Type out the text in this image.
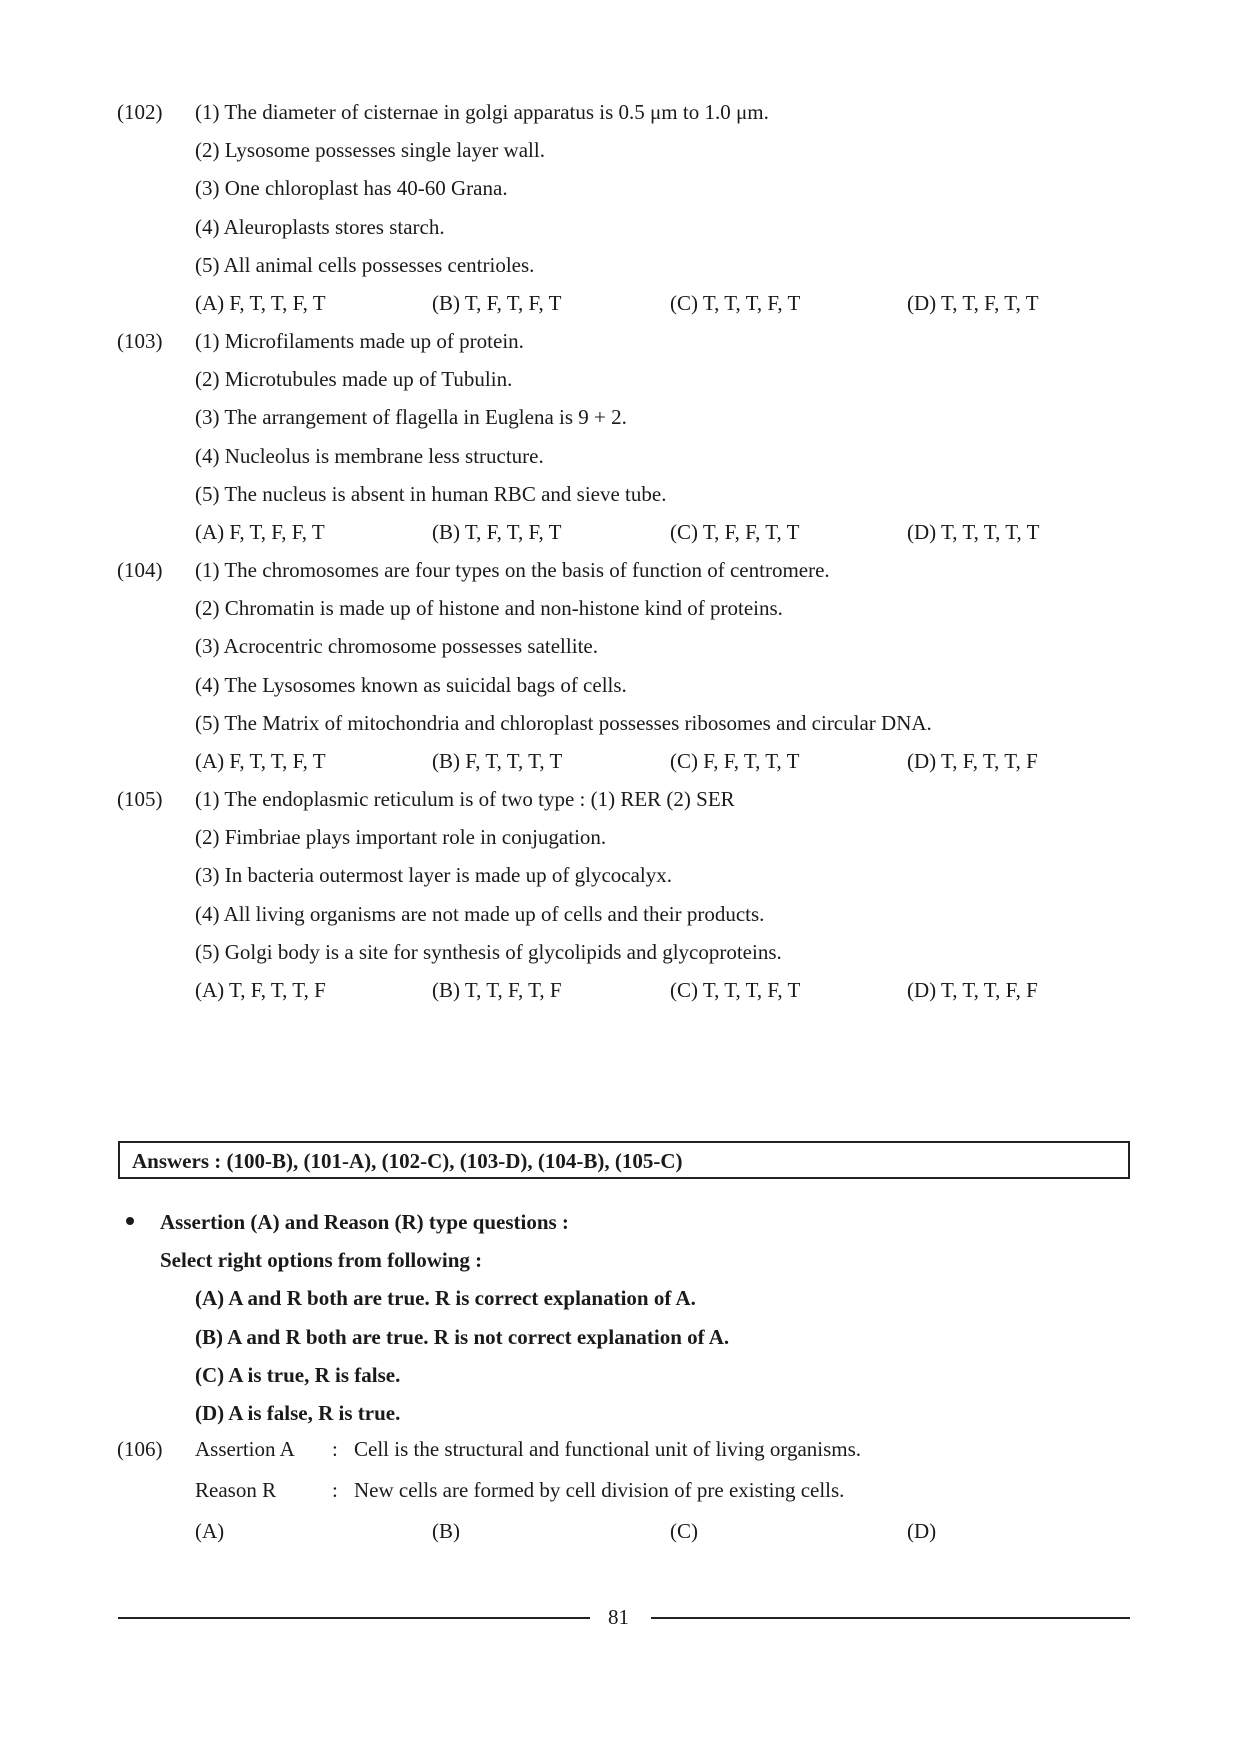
(102) (1) The diameter of cisternae in golgi apparatus is 0.5 μm to 1.0 μm.
(2) Lysosome possesses single layer wall.
(3) One chloroplast has 40-60 Grana.
(4) Aleuroplasts stores starch.
(5) All animal cells possesses centrioles.
(A) F, T, T, F, T	(B) T, F, T, F, T	(C) T, T, T, F, T	(D) T, T, F, T, T
(103) (1) Microfilaments made up of protein.
(2) Microtubules made up of Tubulin.
(3) The arrangement of flagella in Euglena is 9 + 2.
(4) Nucleolus is membrane less structure.
(5) The nucleus is absent in human RBC and sieve tube.
(A) F, T, F, F, T	(B) T, F, T, F, T	(C) T, F, F, T, T	(D) T, T, T, T, T
(104) (1) The chromosomes are four types on the basis of function of centromere.
(2) Chromatin is made up of histone and non-histone kind of proteins.
(3) Acrocentric chromosome possesses satellite.
(4) The Lysosomes known as suicidal bags of cells.
(5) The Matrix of mitochondria and chloroplast possesses ribosomes and circular DNA.
(A) F, T, T, F, T	(B) F, T, T, T, T	(C) F, F, T, T, T	(D) T, F, T, T, F
(105) (1) The endoplasmic reticulum is of two type : (1) RER (2) SER
(2) Fimbriae plays important role in conjugation.
(3) In bacteria outermost layer is made up of glycocalyx.
(4) All living organisms are not made up of cells and their products.
(5) Golgi body is a site for synthesis of glycolipids and glycoproteins.
(A) T, F, T, T, F	(B) T, T, F, T, F	(C) T, T, T, F, T	(D) T, T, T, F, F
Answers : (100-B), (101-A), (102-C), (103-D), (104-B), (105-C)
Assertion (A) and Reason (R) type questions :
Select right options from following :
(A) A and R both are true. R is correct explanation of A.
(B) A and R both are true. R is not correct explanation of A.
(C) A is true, R is false.
(D) A is false, R is true.
(106) Assertion A : Cell is the structural and functional unit of living organisms.
Reason R	: New cells are formed by cell division of pre existing cells.
(A)	(B)	(C)	(D)
81
